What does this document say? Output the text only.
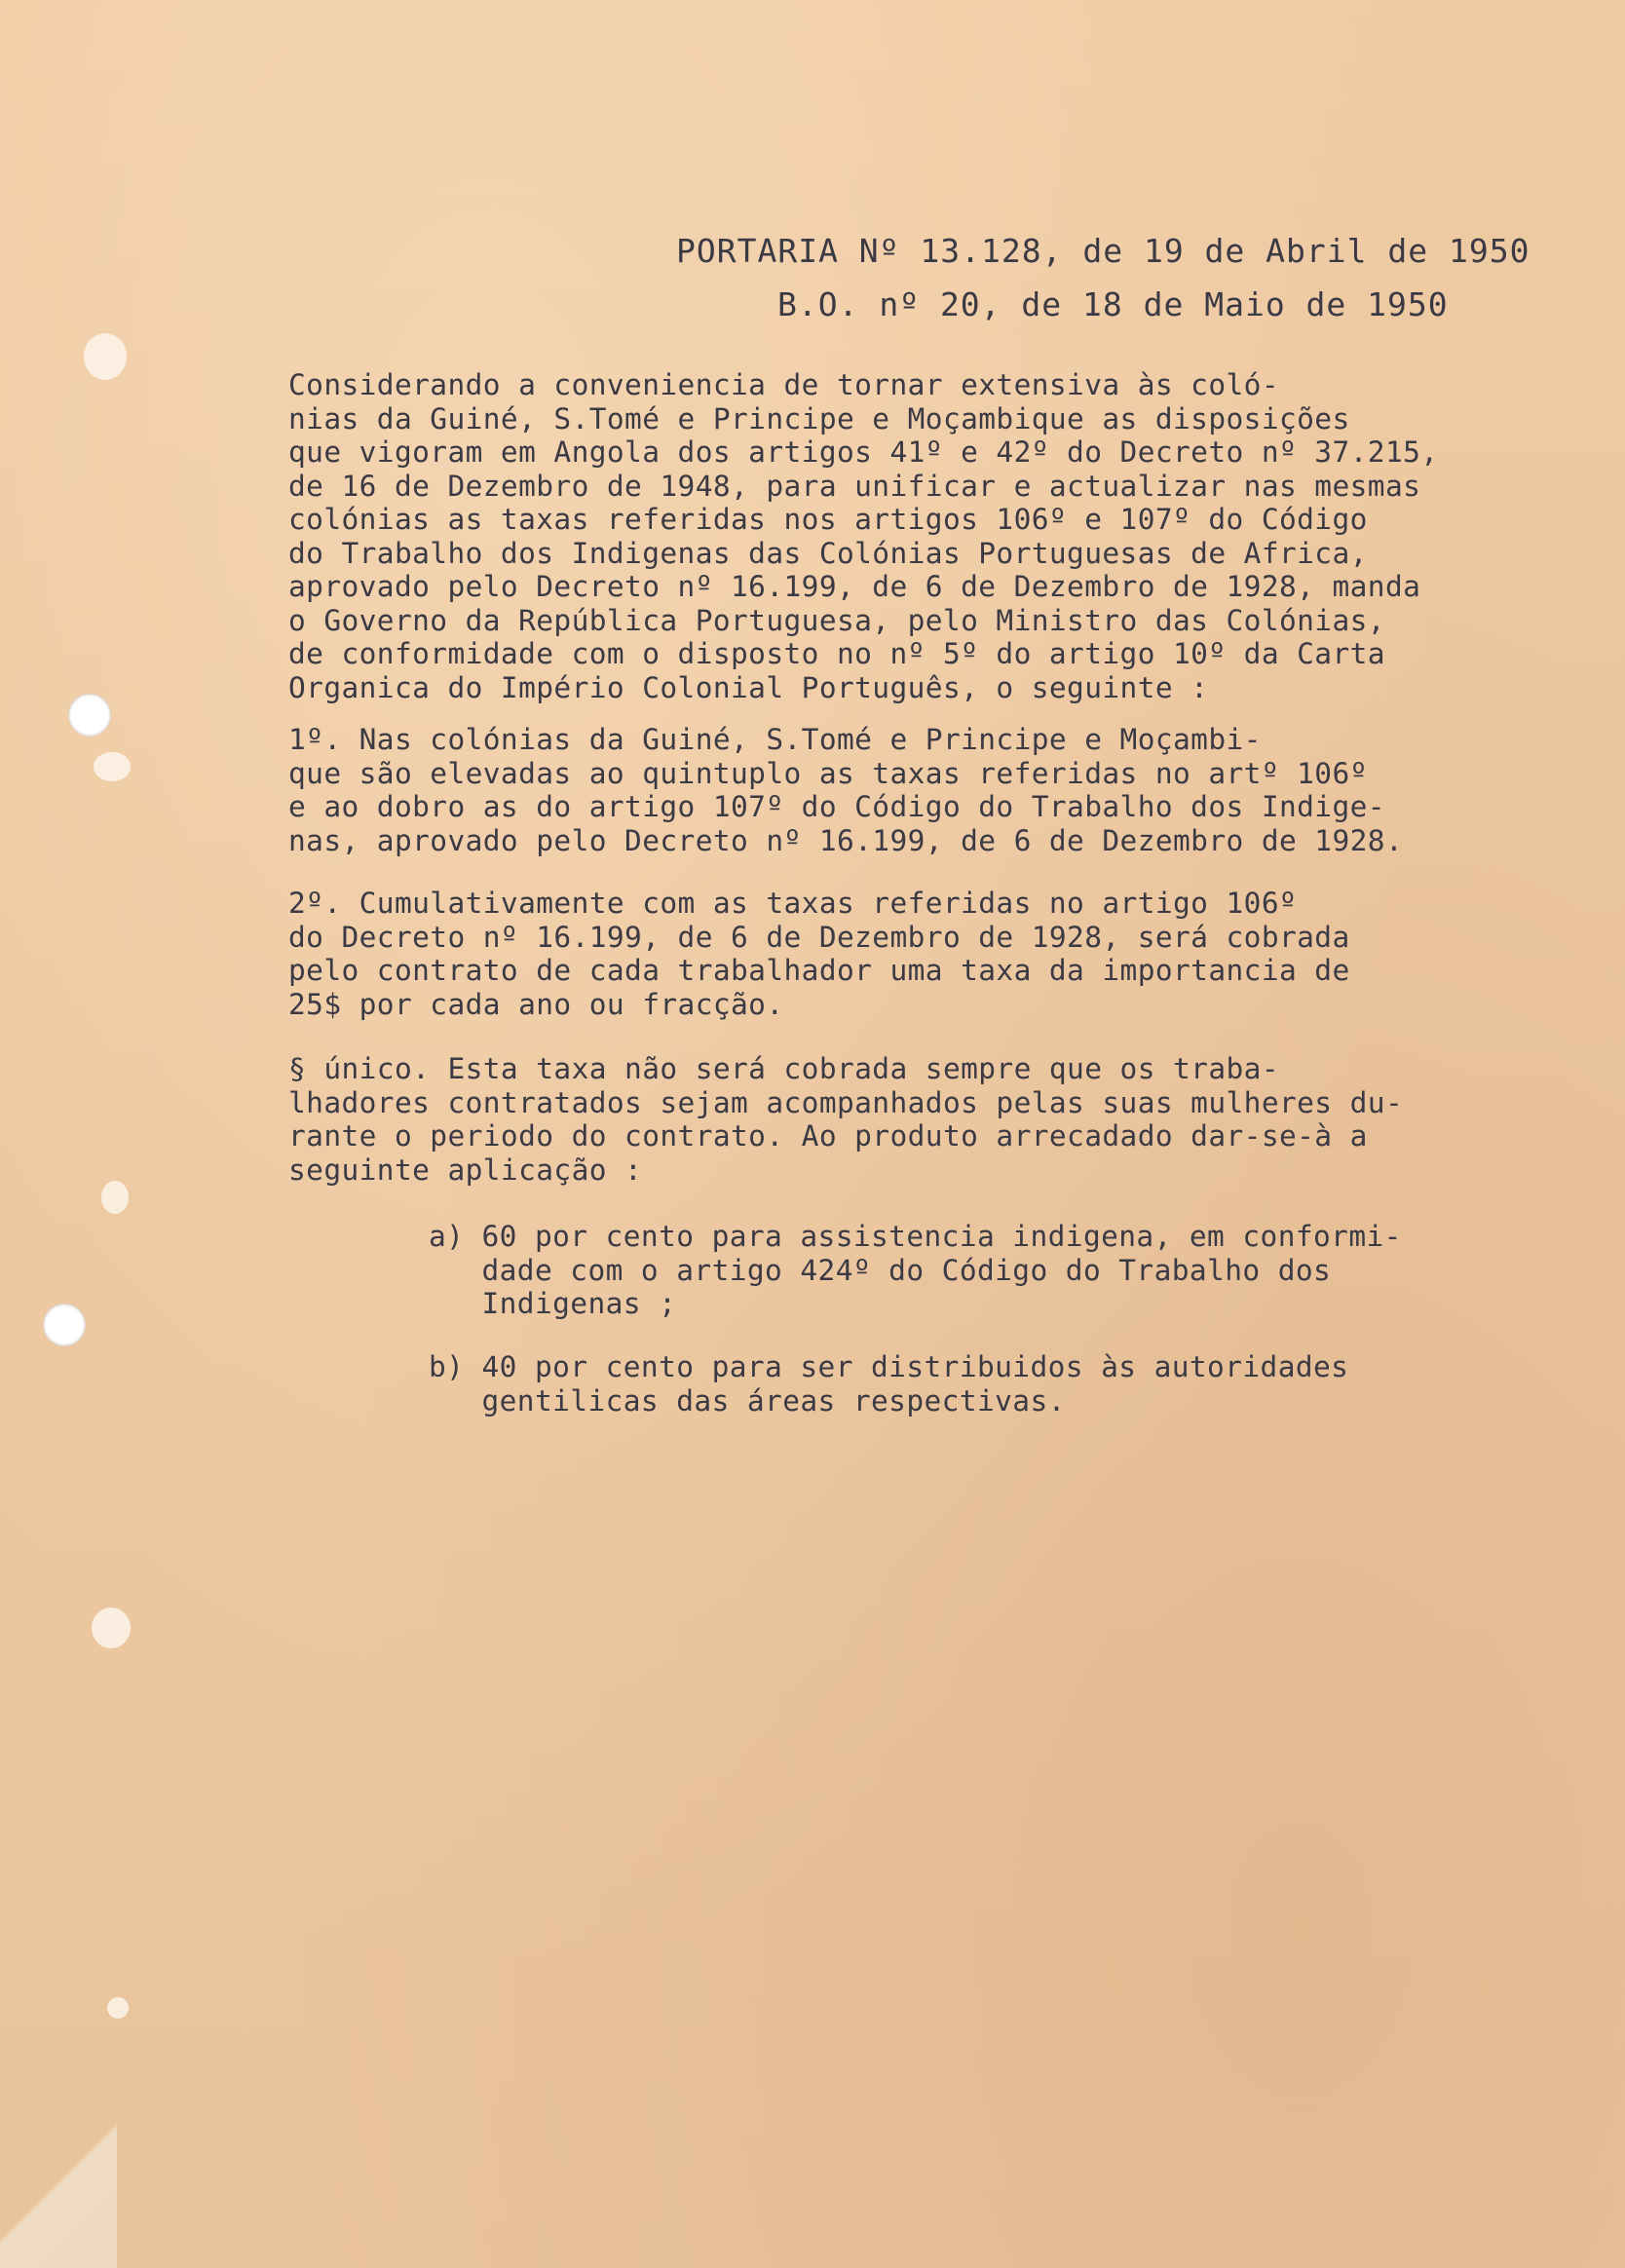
PORTARIA Nº 13.128, de 19 de Abril de 1950
B.O. nº 20, de 18 de Maio de 1950
Considerando a conveniencia de tornar extensiva às coló-
nias da Guiné, S.Tomé e Principe e Moçambique as disposições
que vigoram em Angola dos artigos 41º e 42º do Decreto nº 37.215,
de 16 de Dezembro de 1948, para unificar e actualizar nas mesmas
colónias as taxas referidas nos artigos 106º e 107º do Código
do Trabalho dos Indigenas das Colónias Portuguesas de Africa,
aprovado pelo Decreto nº 16.199, de 6 de Dezembro de 1928, manda
o Governo da República Portuguesa, pelo Ministro das Colónias,
de conformidade com o disposto no nº 5º do artigo 10º da Carta
Organica do Império Colonial Português, o seguinte :
1º. Nas colónias da Guiné, S.Tomé e Principe e Moçambi-
que são elevadas ao quintuplo as taxas referidas no artº 106º
e ao dobro as do artigo 107º do Código do Trabalho dos Indige-
nas, aprovado pelo Decreto nº 16.199, de 6 de Dezembro de 1928.
2º. Cumulativamente com as taxas referidas no artigo 106º
do Decreto nº 16.199, de 6 de Dezembro de 1928, será cobrada
pelo contrato de cada trabalhador uma taxa da importancia de
25$ por cada ano ou fracção.
§ único. Esta taxa não será cobrada sempre que os traba-
lhadores contratados sejam acompanhados pelas suas mulheres du-
rante o periodo do contrato. Ao produto arrecadado dar-se-à a
seguinte aplicação :
a) 60 por cento para assistencia indigena, em conformi-
dade com o artigo 424º do Código do Trabalho dos
Indigenas ;
b) 40 por cento para ser distribuidos às autoridades
gentilicas das áreas respectivas.
